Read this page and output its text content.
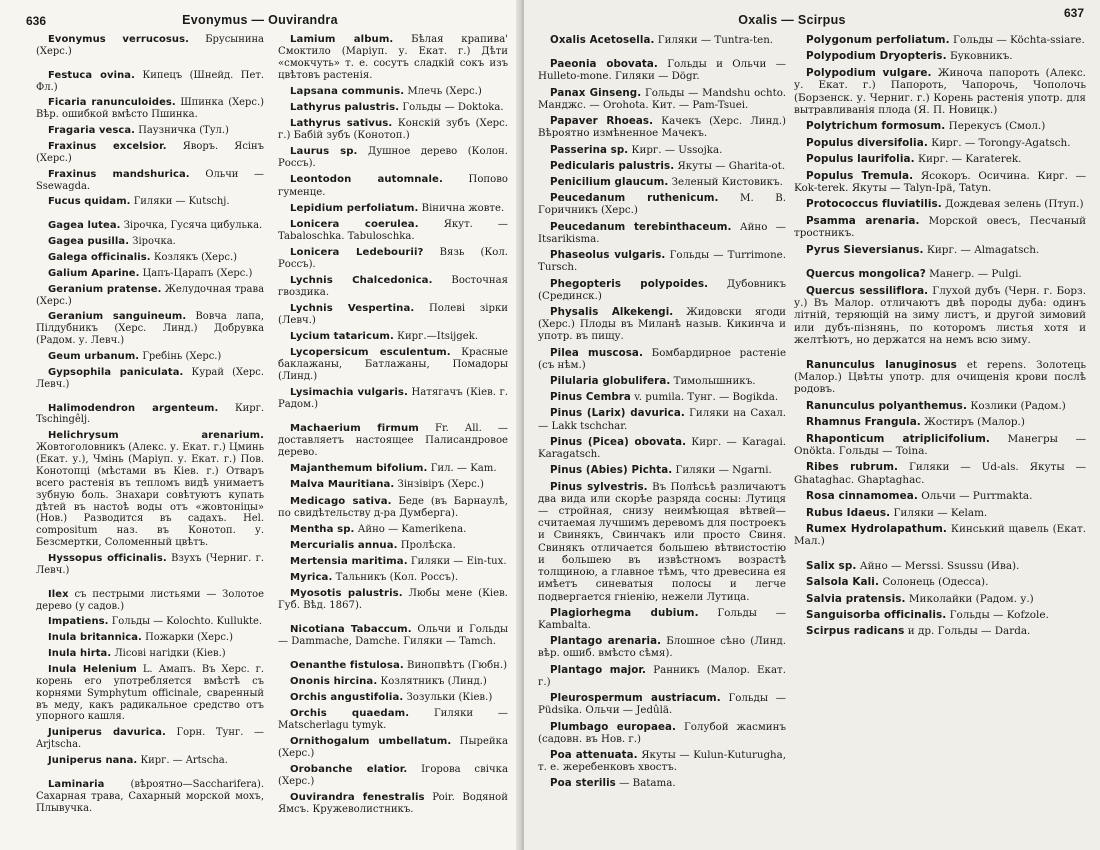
636	Evonymus — Ouvirandra

Evonymus verrucosus. Брусынина (Херс.)

Festuca ovina. Кипецъ (Шнейд. Пет. Фл.)

Ficaria ranunculoides. Шпинка (Херс.) Вѣр. ошибкой вмѣсто Пшинка.

Fragaria vesca. Паузничка (Тул.)

Fraxinus excelsior. Яворъ. Ясінъ (Херс.)

Fraxinus mandshurica. Ольчи — Ssewagda.

Fucus quidam. Гиляки — Kutschj.

Gagea lutea. Зірочка, Гусяча цибулька.

Gagea pusilla. Зірочка.

Galega officinalis. Козлякъ (Херс.)

Galium Aparine. Цапъ-Царапъ (Херс.)

Geranium pratense. Желудочная трава (Херс.)

Geranium sanguineum. Вовча лапа, Пілдубникъ (Херс. Линд.) Добрувка (Радом. у. Левч.)

Geum urbanum. Гребінь (Херс.)

Gypsophila paniculata. Курай (Херс. Левч.)

Halimodendron argenteum. Кирг. Tschingêlj.

Helichrysum arenarium. Жовтоголовникъ (Алекс. у. Екат. г.) Цминь (Екат. у.), Чмінь (Маріуп. у. Екат. г.) Пов. Конотопці (мѣстами въ Кіев. г.) Отваръ всего растенія въ тепломъ видѣ унимаетъ зубную боль. Знахари совѣтуютъ купать дѣтей въ настоѣ воды отъ «жовтоніцы» (Нов.) Разводится въ садахъ. Hel. compositum нaз. въ Конотоп. у. Безсмертки, Соломенный цвѣтъ.

Hyssopus officinalis. Взухъ (Черниг. г. Левч.)

Ilex съ пестрыми листьями — Золотое дерево (у садов.)

Impatiens. Гольды — Kolochto. Kullukte.

Inula britannica. Пожарки (Херс.)

Inula hirta. Лісові нагідки (Кіев.)

Inula Helenium L. Амапъ. Въ Херс. г. корень его употребляется вмѣстѣ съ корнями Symphytum officinale, сваренный въ меду, какъ радикальное средство отъ упорного кашля.

Juniperus davurica. Горн. Тунг. — Arjtscha.

Juniperus nana. Кирг. — Artscha.

Laminaria (вѣроятно—Saccharifera). Сахарная трава, Сахарный морской мохъ, Плывучка.

Lamium album. Бѣлая крапива' Смоктило (Маріуп. у. Екат. г.) Дѣти «смокчуть» т. е. сосутъ сладкій сокъ изъ цвѣтовъ растенія.

Lapsana communis. Млечь (Херс.)

Lathyrus palustris. Гольды — Doktoka.

Lathyrus sativus. Конскій зубъ (Херс. г.) Бабій зубъ (Конотоп.)

Laurus sp. Душное дерево (Колон. Россъ).

Leontodon automnale. Попово гуменце.

Lepidium perfoliatum. Вінична жовте.

Lonicera coerulea. Якут. — Tabaloschka. Tabuloschka.

Lonicera Ledebourii? Вязь (Кол. Россъ).

Lychnis Chalcedonica. Восточная гвоздика.

Lychnis Vespertina. Полеві зірки (Левч.)

Lycium tataricum. Кирг.—Itsijgek.

Lycopersicum esculentum. Красные баклажаны, Батлажаны, Помадоры (Линд.)

Lysimachia vulgaris. Натягачъ (Кіев. г. Радом.)

Machaerium firmum Fr. All. — доставляетъ настоящее Палисандровое дерево.

Majanthemum bifolium. Гил. — Kam.

Malva Mauritiana. Зінзівіръ (Херс.)

Medicago sativa. Беде (въ Барнаулѣ, по свидѣтельству д-ра Думберга).

Mentha sp. Айно — Kamerikena.

Mercurialis annua. Пролѣска.

Mertensia maritima. Гиляки — Ein-tux.

Myrica. Тальникъ (Кол. Россъ).

Myosotis palustris. Любы мене (Кіев. Губ. Вѣд. 1867).

Nicotiana Tabaccum. Ольчи и Гольды — Dammache, Damche. Гиляки — Tamch.

Oenanthe fistulosa. Винопвѣтъ (Гюбн.)

Ononis hircina. Козлятникъ (Линд.)

Orchis angustifolia. Зозульки (Кіев.)

Orchis quaedam. Гиляки — Matscherlagu tymyk.

Ornithogalum umbellatum. Пырейка (Херс.)

Orobanche elatior. Ігорова свічка (Херс.)

Ouvirandra fenestralis Poir. Водяной Ямсъ. Кружеволистникъ.

637
Oxalis — Scirpus

Oxalis Acetosella. Гиляки — Tuntra-ten.

Paeonia obovata. Гольды и Ольчи — Hulleto-mone. Гиляки — Dögr.

Panax Ginseng. Гольды — Mandshu ochto. Манджс. — Orohota. Кит. — Pam-Tsuei.

Papaver Rhoeas. Качекъ (Херс. Линд.) Вѣроятно измѣненное Мачекъ.

Passerina sp. Кирг. — Ussojka.

Pedicularis palustris. Якуты — Gharita-ot.

Penicilium glaucum. Зеленый Кистовикъ.

Peucedanum ruthenicum. M. B. Горичникъ (Херс.)

Peucedanum terebinthaceum. Айно — Itsarikisma.

Phaseolus vulgaris. Гольды — Turrimone. Tursch.

Phegopteris polypoides. Дубовникъ (Срединск.)

Physalis Alkekengi. Жидовски ягоди (Херс.) Плоды въ Миланѣ назыв. Кикинча и употр. въ пищу.

Pilea muscosa. Бомбардирное растеніе (съ нѣм.)

Pilularia globulifera. Тимолышникъ.

Pinus Cembra v. pumila. Тунг. — Bogikda.

Pinus (Larix) davurica. Гиляки на Сахал. — Lakk tschchar.

Pinus (Picea) obovata. Кирг. — Karagai. Karagatsch.

Pinus (Abies) Pichta. Гиляки — Ngarni.

Pinus sylvestris. Въ Полѣсьѣ различаютъ два вида или скорѣе разряда сосны: Лутиця — стройная, снизу неимѣющая вѣтвей—считаемая лучшимъ деревомъ для построекъ и Свинякъ, Свинчакъ или просто Свиня. Свинякъ отличается большею вѣтвистостію и большею въ извѣстномъ возрастѣ толщиною, а главное тѣмъ, что древесина ея имѣетъ синеватыя полосы и легче подвергается гніенію, нежели Лутица.

Plagiorhegma dubium. Гольды — Kambalta.

Plantago arenaria. Блошное сѣно (Линд. вѣр. ошиб. вмѣсто сѣмя).

Plantago major. Ранникъ (Малор. Екат. г.)

Pleurospermum austriacum. Гольды — Püdsika. Ольчи — Jedûlä.

Plumbago europaea. Голубой жасминъ (садовн. въ Нов. г.)

Poa attenuata. Якуты — Kulun-Kuturugha, т. е. жеребенковъ хвостъ.

Poa sterilis — Batama.

Polygonum perfoliatum. Гольды — Köchta-ssiare.

Polypodium Dryopteris. Буковникъ.

Polypodium vulgare. Жиноча папороть (Алекс. у. Екат. г.) Папороть, Чапорочь, Чополочь (Борзенск. у. Черниг. г.) Корень растенія употр. для вытравливанія плода (Я. П. Новицк.)

Polytrichum formosum. Перекусъ (Смол.)

Populus diversifolia. Кирг. — Torongy-Agatsch.

Populus laurifolia. Кирг. — Karaterek.

Populus Tremula. Ясокоръ. Осичина. Кирг. — Kok-terek. Якуты — Talyn-Ipä, Tatyn.

Protococcus fluviatilis. Дождевая зелень (Птуп.)

Psamma arenaria. Морской овесъ, Песчаный тростникъ.

Pyrus Sieversianus. Кирг. — Almagatsch.

Quercus mongolica? Манегр. — Pulgi.

Quercus sessiliflora. Глухой дубъ (Черн. г. Борз. у.) Въ Малор. отличаютъ двѣ породы дуба: одинъ літній, теряющій на зиму листъ, и другой зимовий или дубъ-пізнянь, по которомъ листья хотя и желтѣютъ, но держатся на немъ всю зиму.

Ranunculus lanuginosus et repens. Золотець (Малор.) Цвѣты употр. для очищенія крови послѣ родовъ.

Ranunculus polyanthemus. Козлики (Радом.)

Rhamnus Frangula. Жостиръ (Малор.)

Rhaponticum atriplicifolium. Манегры — Onökta. Гольды — Toina.

Ribes rubrum. Гиляки — Ud-als. Якуты — Ghataghac. Ghaptaghac.

Rosa cinnamomea. Ольчи — Purrmakta.

Rubus Idaeus. Гиляки — Kelam.

Rumex Hydrolapathum. Кинський щавель (Екат. Мал.)

Salix sp. Айно — Merssi. Ssussu (Ива).

Salsola Kali. Солонець (Одесса).

Salvia pratensis. Миколайки (Радом. у.)

Sanguisorba officinalis. Гольды — Kofzole.

Scirpus radicans и др. Гольды — Darda.
